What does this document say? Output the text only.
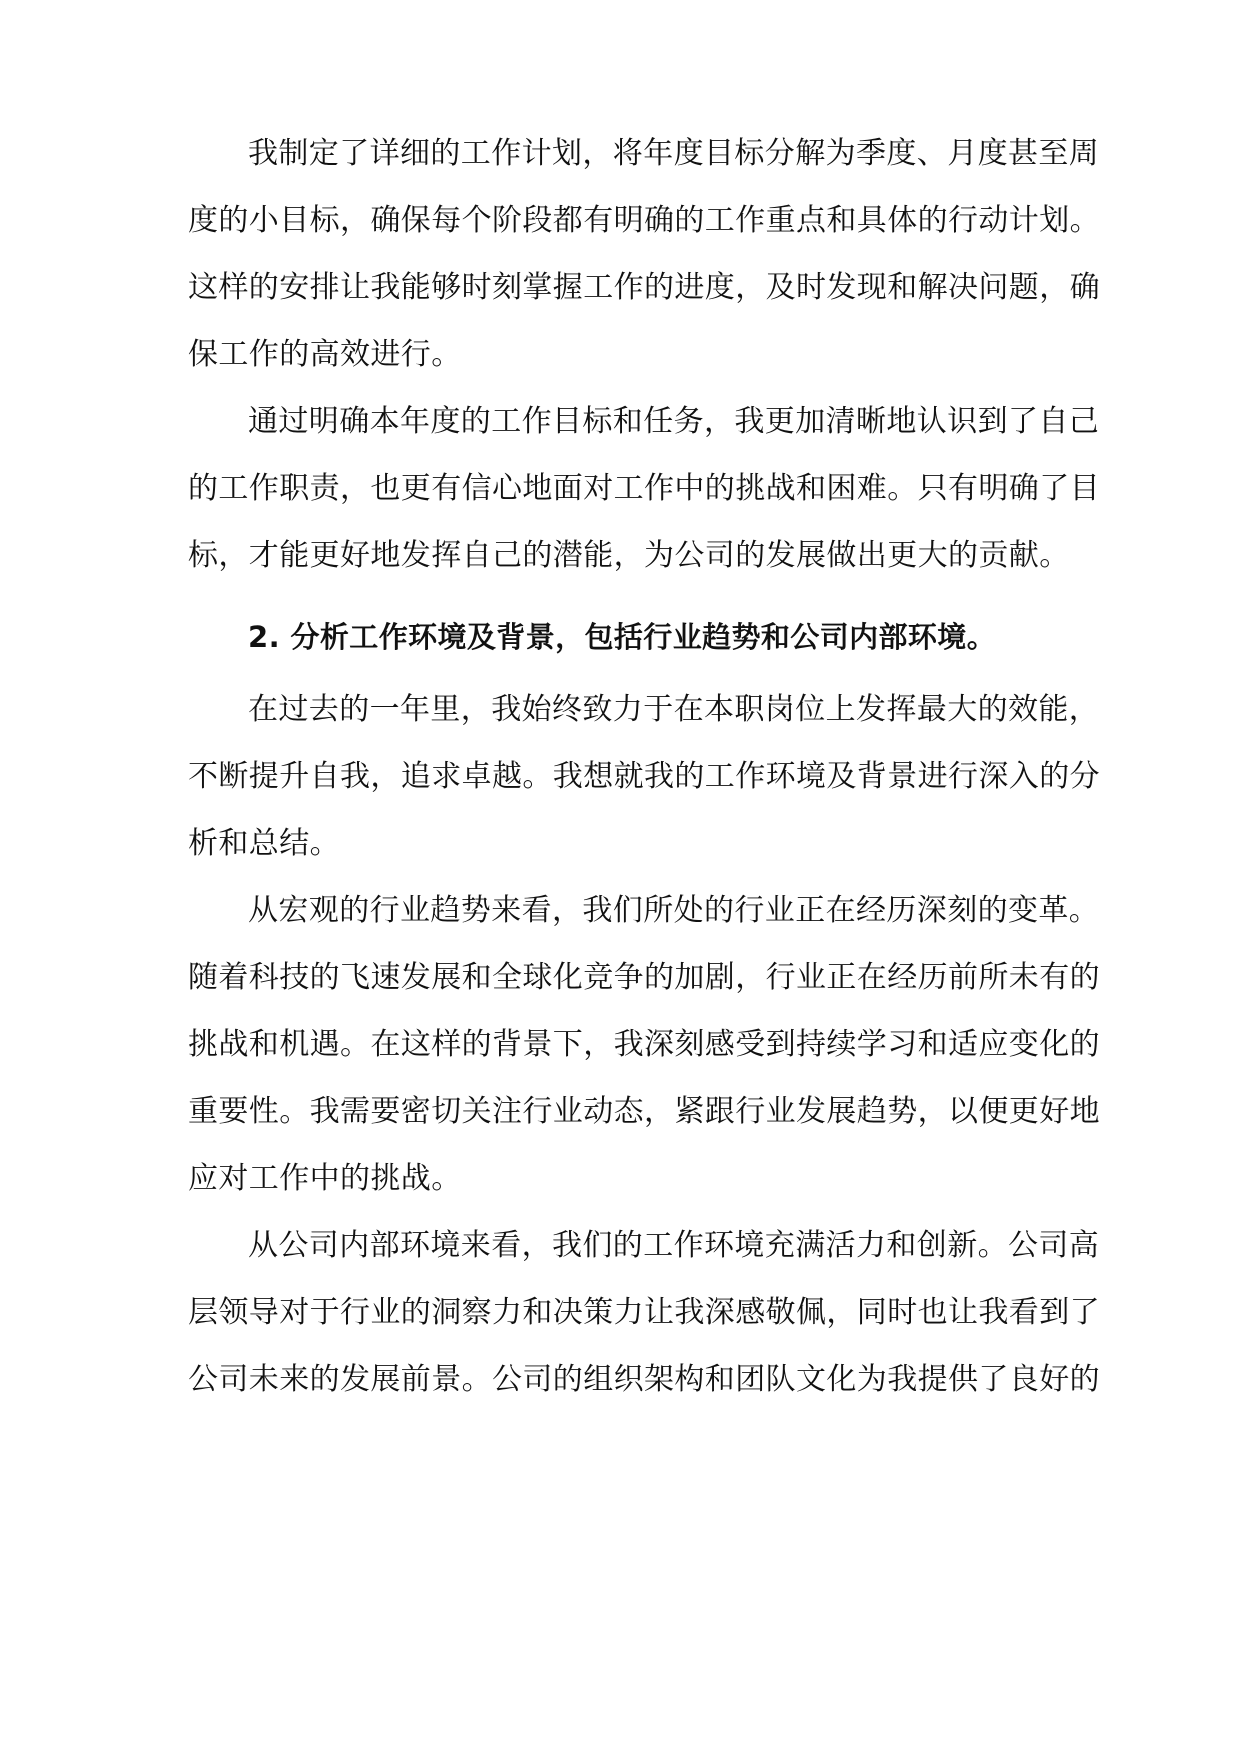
我制定了详细的工作计划，将年度目标分解为季度、月度甚至周
度的小目标，确保每个阶段都有明确的工作重点和具体的行动计划。
这样的安排让我能够时刻掌握工作的进度，及时发现和解决问题，确
保工作的高效进行。
通过明确本年度的工作目标和任务，我更加清晰地认识到了自己
的工作职责，也更有信心地面对工作中的挑战和困难。只有明确了目
标，才能更好地发挥自己的潜能，为公司的发展做出更大的贡献。
2. 分析工作环境及背景，包括行业趋势和公司内部环境。
在过去的一年里，我始终致力于在本职岗位上发挥最大的效能，
不断提升自我，追求卓越。我想就我的工作环境及背景进行深入的分
析和总结。
从宏观的行业趋势来看，我们所处的行业正在经历深刻的变革。
随着科技的飞速发展和全球化竞争的加剧，行业正在经历前所未有的
挑战和机遇。在这样的背景下，我深刻感受到持续学习和适应变化的
重要性。我需要密切关注行业动态，紧跟行业发展趋势，以便更好地
应对工作中的挑战。
从公司内部环境来看，我们的工作环境充满活力和创新。公司高
层领导对于行业的洞察力和决策力让我深感敬佩，同时也让我看到了
公司未来的发展前景。公司的组织架构和团队文化为我提供了良好的
